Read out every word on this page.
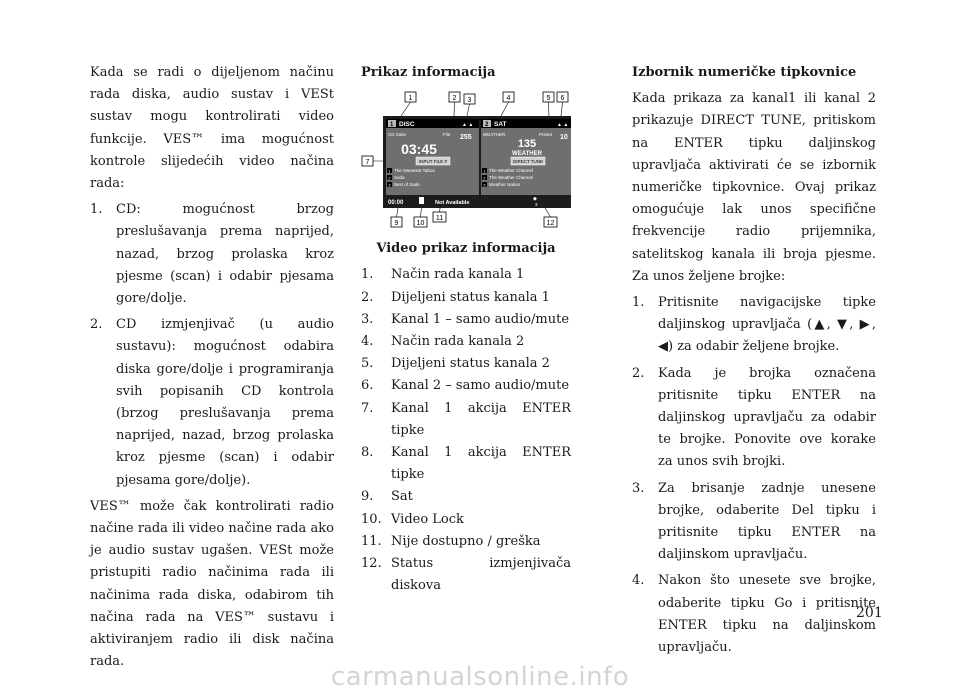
Kada se radi o dijeljenom načinu rada diska, audio sustav i VESt sustav mogu kontrolirati video funkcije. VES™ ima mogućnost kontrole slijedećih video načina rada:

1. CD: mogućnost brzog preslušavanja prema naprijed, nazad, brzog prolaska kroz pjesme (scan) i odabir pjesama gore/dolje.
2. CD izmjenjivač (u audio sustavu): mogućnost odabira diska gore/dolje i programiranja svih popisanih CD kontrola (brzog preslušavanja prema naprijed, nazad, brzog prolaska kroz pjesme (scan) i odabir pjesama gore/dolje).

VES™ može čak kontrolirati radio načine rada ili video načine rada ako je audio sustav ugašen. VESt može pristupiti radio načinima rada ili načinima rada diska, odabirom tih načina rada na VES™ sustavu i aktiviranjem radio ili disk načina rada.

Prikaz informacija

1	2 3	4	5 6
7
9	10
11
12
1 DISC	▲ ▲
CD Suite	File 255
03:45
INPUT FILE #
1
2
3
The Sweetest Taboo
Soda
Best of Sade
2 SAT	▲ ▲
WEATHER	Preset 10
135
WEATHER
DIRECT TUNE
1
2
3
The Weather Channel
The Weather Channel
Weather Nation
00:00	Not Available
◆
3

Video prikaz informacija

1. Način rada kanala 1
2. Dijeljeni status kanala 1
3. Kanal 1 – samo audio/mute
4. Način rada kanala 2
5. Dijeljeni status kanala 2
6. Kanal 2 – samo audio/mute
7. Kanal 1 akcija ENTER tipke
8. Kanal 1 akcija ENTER tipke
9. Sat
10. Video Lock
11. Nije dostupno / greška
12. Status izmjenjivača diskova

Izbornik numeričke tipkovnice

Kada prikaza za kanal1 ili kanal 2 prikazuje DIRECT TUNE, pritiskom na ENTER tipku daljinskog upravljača aktivirati će se izbornik numeričke tipkovnice. Ovaj prikaz omogućuje lak unos specifične frekvencije radio prijemnika, satelitskog kanala ili broja pjesme. Za unos željene brojke:

1. Pritisnite navigacijske tipke daljinskog upravljača (▲, ▼, ▶, ◀) za odabir željene brojke.
2. Kada je brojka označena pritisnite tipku ENTER na daljinskog upravljaču za odabir te brojke. Ponovite ove korake za unos svih brojki.
3. Za brisanje zadnje unesene brojke, odaberite Del tipku i pritisnite tipku ENTER na daljinskom upravljaču.
4. Nakon što unesete sve brojke, odaberite tipku Go i pritisnite ENTER tipku na daljinskom upravljaču.
201
carmanualsonline.info
